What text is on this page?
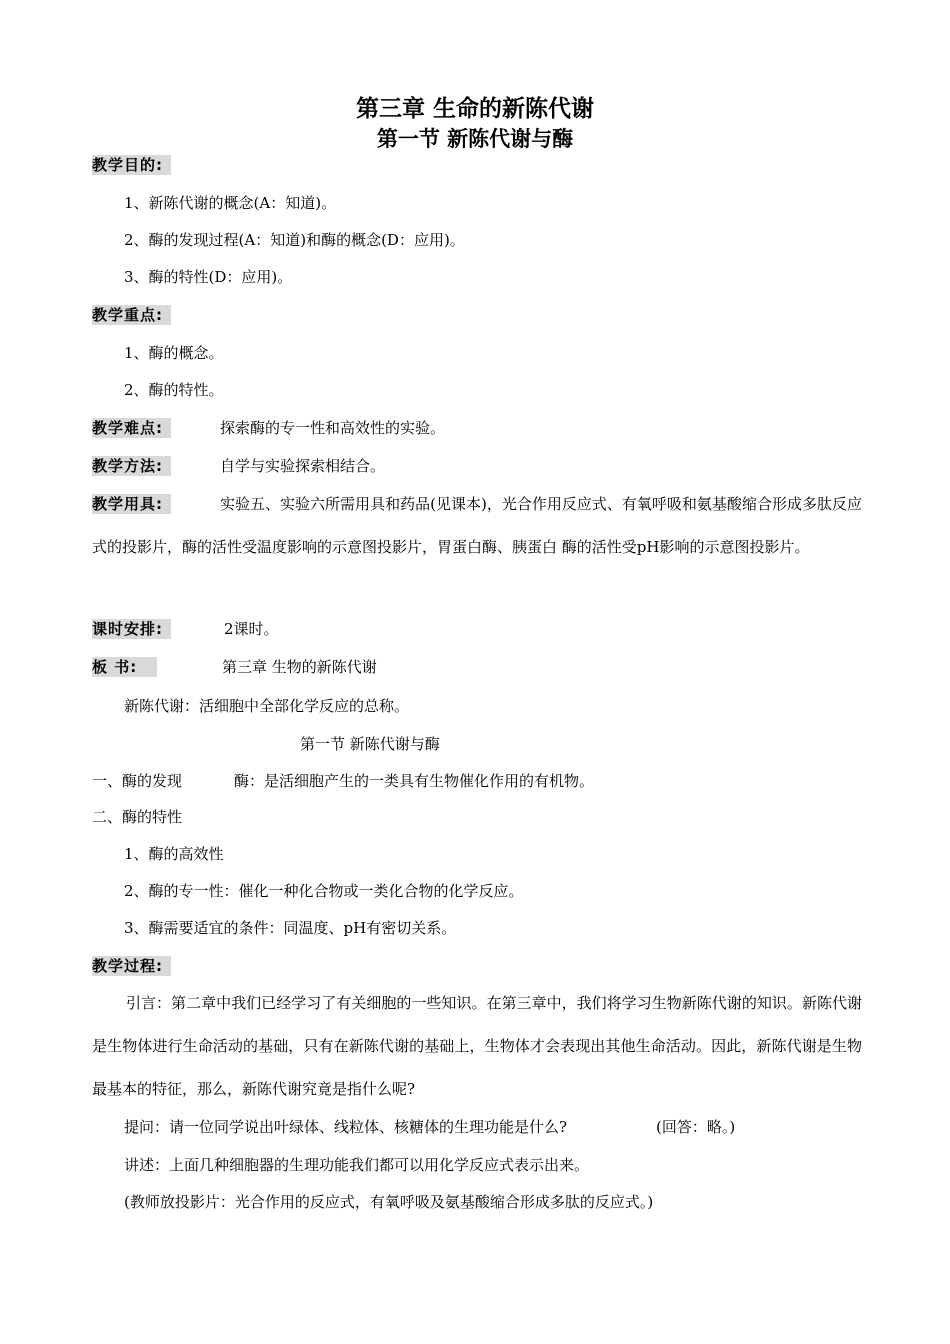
第三章 生命的新陈代谢
第一节 新陈代谢与酶
教学目的:
1、新陈代谢的概念(A：知道)。
2、酶的发现过程(A：知道)和酶的概念(D：应用)。
3、酶的特性(D：应用)。
教学重点:
1、酶的概念。
2、酶的特性。
教学难点:	探索酶的专一性和高效性的实验。
教学方法:	自学与实验探索相结合。
教学用具:	实验五、实验六所需用具和药品(见课本)，光合作用反应式、有氧呼吸和氨基酸缩合形成多肽反应式的投影片，酶的活性受温度影响的示意图投影片，胃蛋白酶、胰蛋白 酶的活性受pH影响的示意图投影片。
课时安排:	2课时。
板 书:	第三章 生物的新陈代谢
新陈代谢：活细胞中全部化学反应的总称。
第一节 新陈代谢与酶
一、酶的发现	酶：是活细胞产生的一类具有生物催化作用的有机物。
二、酶的特性
1、酶的高效性
2、酶的专一性：催化一种化合物或一类化合物的化学反应。
3、酶需要适宜的条件：同温度、pH有密切关系。
教学过程:
引言：第二章中我们已经学习了有关细胞的一些知识。在第三章中，我们将学习生物新陈代谢的知识。新陈代谢是生物体进行生命活动的基础，只有在新陈代谢的基础上，生物体才会表现出其他生命活动。因此，新陈代谢是生物最基本的特征，那么，新陈代谢究竟是指什么呢?
提问：请一位同学说出叶绿体、线粒体、核糖体的生理功能是什么?	(回答：略。)
讲述：上面几种细胞器的生理功能我们都可以用化学反应式表示出来。
(教师放投影片：光合作用的反应式，有氧呼吸及氨基酸缩合形成多肽的反应式。)
